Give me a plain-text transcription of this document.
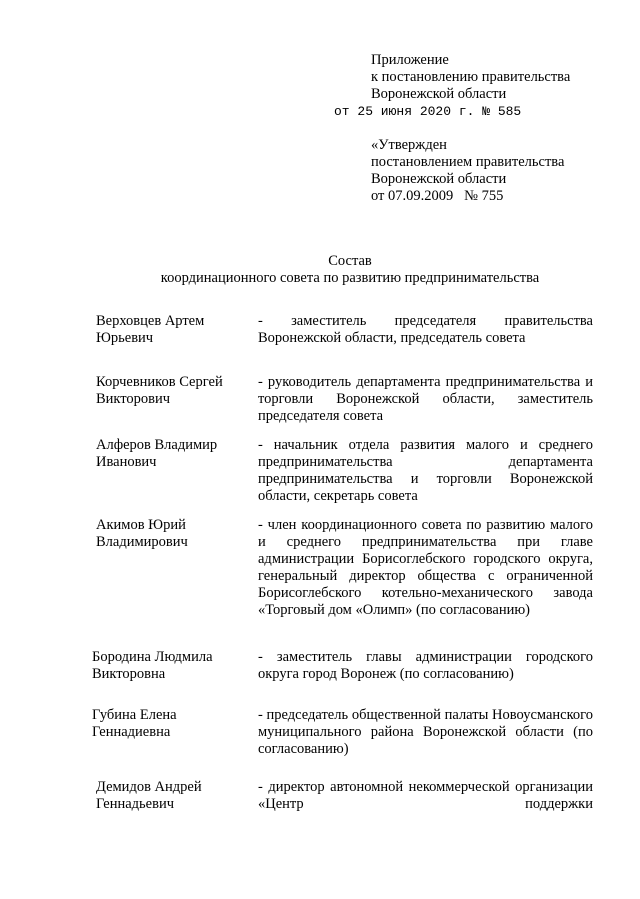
Приложение
к постановлению правительства
Воронежской области
от 25 июня 2020 г. № 585
«Утвержден
постановлением правительства
Воронежской области
от 07.09.2009   № 755
Состав
координационного совета по развитию предпринимательства
Верховцев Артем
Юрьевич
- заместитель председателя правительства Воронежской области, председатель совета
Корчевников Сергей
Викторович
- руководитель департамента предпринимательства и торговли Воронежской области, заместитель председателя совета
Алферов Владимир
Иванович
- начальник отдела развития малого и среднего предпринимательства департамента предпринимательства и торговли Воронежской области, секретарь совета
Акимов Юрий
Владимирович
- член координационного совета по развитию малого и среднего предпринимательства при главе администрации Борисоглебского городского округа, генеральный директор общества с ограниченной Борисоглебского котельно-механического завода «Торговый дом «Олимп» (по согласованию)
Бородина Людмила
Викторовна
- заместитель главы администрации городского округа город Воронеж (по согласованию)
Губина Елена
Геннадиевна
- председатель общественной палаты Новоусманского муниципального района Воронежской области (по согласованию)
Демидов Андрей
Геннадьевич
- директор автономной некоммерческой организации «Центр поддержки
